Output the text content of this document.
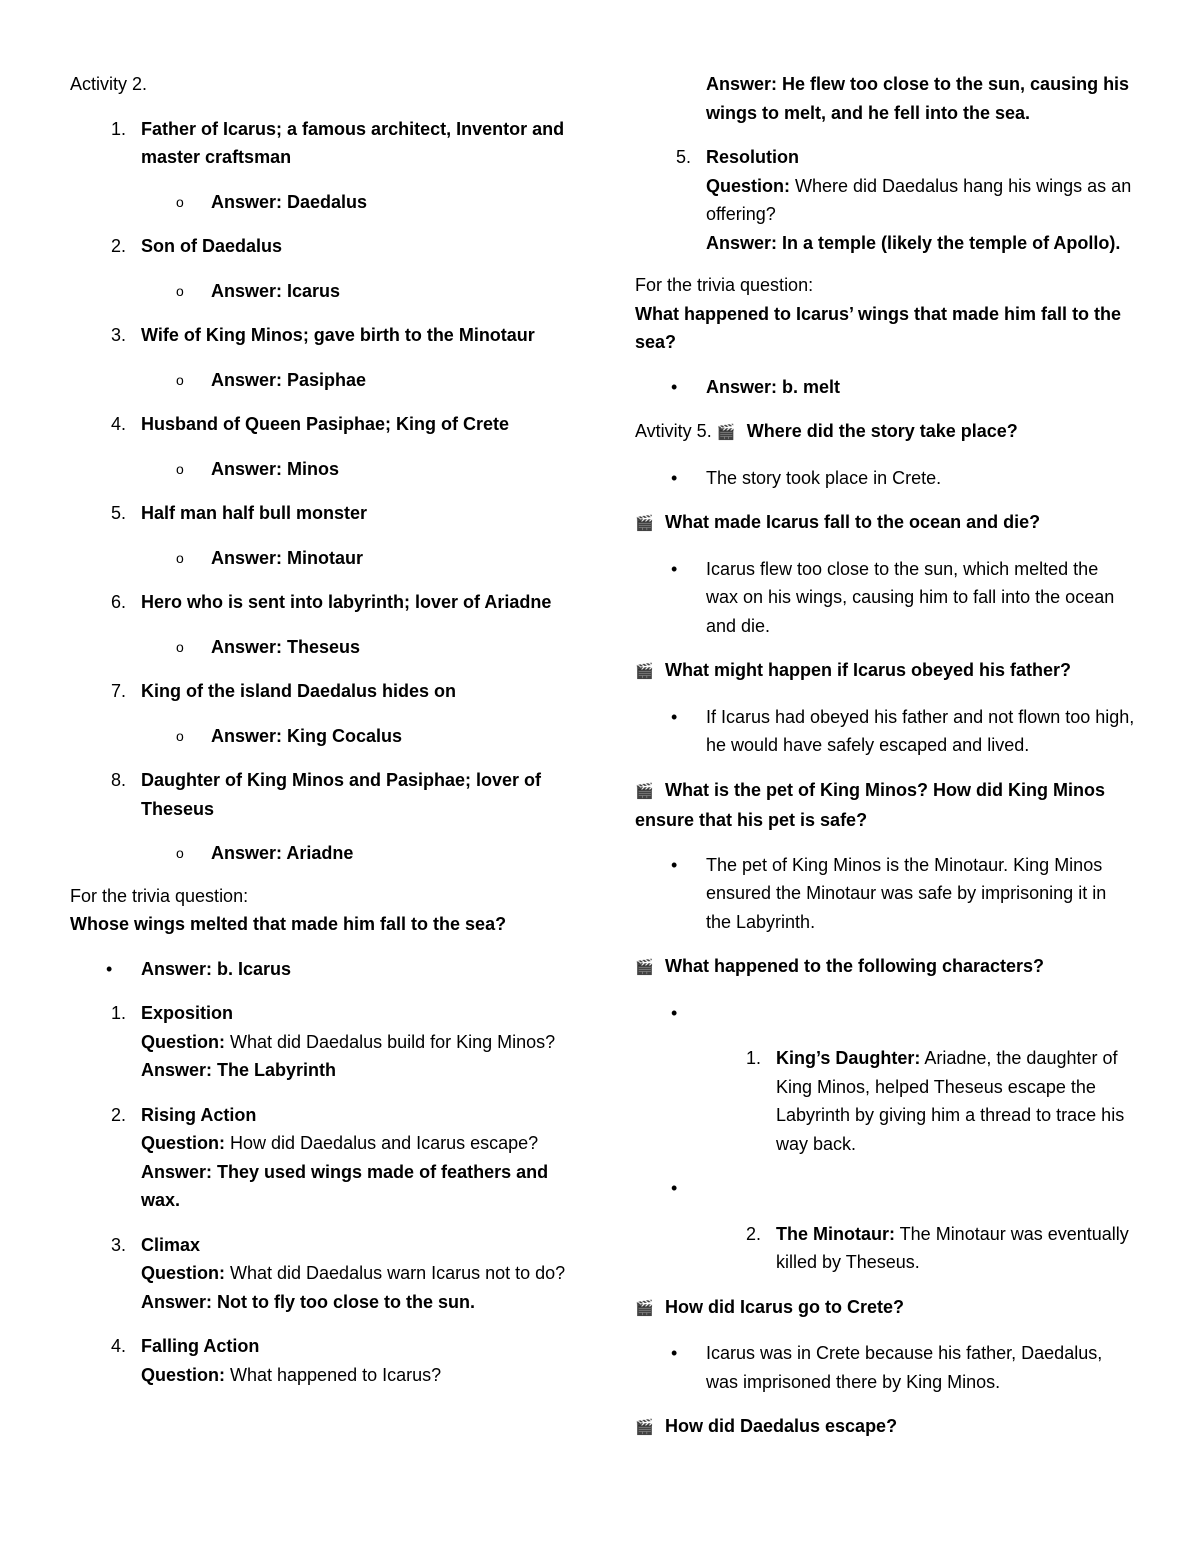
Activity 2.

1. Father of Icarus; a famous architect, Inventor and master craftsman
o Answer: Daedalus
2. Son of Daedalus
o Answer: Icarus
3. Wife of King Minos; gave birth to the Minotaur
o Answer: Pasiphae
4. Husband of Queen Pasiphae; King of Crete
o Answer: Minos
5. Half man half bull monster
o Answer: Minotaur
6. Hero who is sent into labyrinth; lover of Ariadne
o Answer: Theseus
7. King of the island Daedalus hides on
o Answer: King Cocalus
8. Daughter of King Minos and Pasiphae; lover of Theseus
o Answer: Ariadne

For the trivia question:

Whose wings melted that made him fall to the sea?

• Answer: b. Icarus
1. Exposition
Question: What did Daedalus build for King Minos?
Answer: The Labyrinth
2. Rising Action
Question: How did Daedalus and Icarus escape?
Answer: They used wings made of feathers and wax.
3. Climax
Question: What did Daedalus warn Icarus not to do?
Answer: Not to fly too close to the sun.
4. Falling Action
Question: What happened to Icarus?
Answer: He flew too close to the sun, causing his wings to melt, and he fell into the sea.
5. Resolution
Question: Where did Daedalus hang his wings as an offering?
Answer: In a temple (likely the temple of Apollo).

For the trivia question:

What happened to Icarus’ wings that made him fall to the sea?

• Answer: b. melt

Avtivity 5. 🎬 Where did the story take place?

• The story took place in Crete.

🎬 What made Icarus fall to the ocean and die?

• Icarus flew too close to the sun, which melted the wax on his wings, causing him to fall into the ocean and die.

🎬 What might happen if Icarus obeyed his father?

• If Icarus had obeyed his father and not flown too high, he would have safely escaped and lived.

🎬 What is the pet of King Minos? How did King Minos ensure that his pet is safe?

• The pet of King Minos is the Minotaur. King Minos ensured the Minotaur was safe by imprisoning it in the Labyrinth.

🎬 What happened to the following characters?

•

1. King’s Daughter: Ariadne, the daughter of King Minos, helped Theseus escape the Labyrinth by giving him a thread to trace his way back.
•

2. The Minotaur: The Minotaur was eventually killed by Theseus.

🎬 How did Icarus go to Crete?

• Icarus was in Crete because his father, Daedalus, was imprisoned there by King Minos.

🎬 How did Daedalus escape?
